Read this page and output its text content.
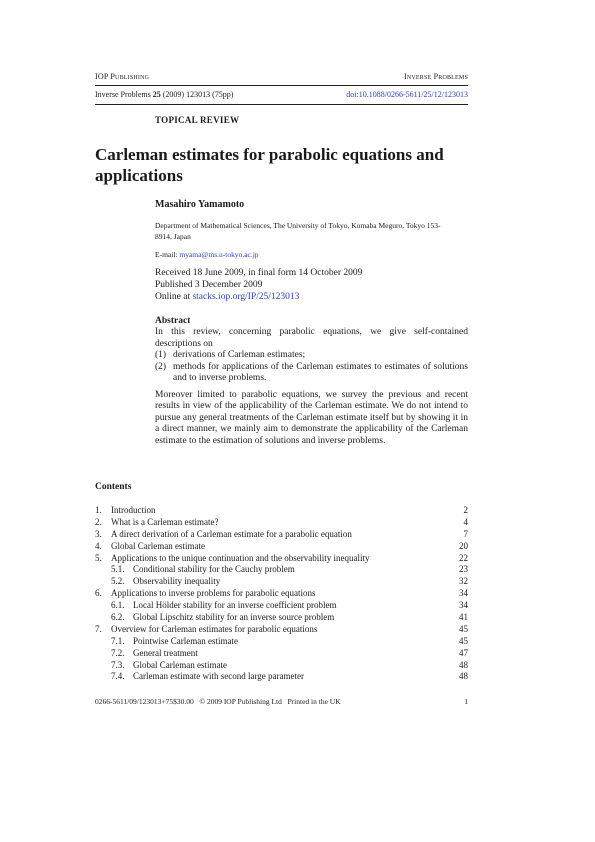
IOP Publishing	Inverse Problems
Inverse Problems 25 (2009) 123013 (75pp)	doi:10.1088/0266-5611/25/12/123013
TOPICAL REVIEW
Carleman estimates for parabolic equations and applications
Masahiro Yamamoto
Department of Mathematical Sciences, The University of Tokyo, Komaba Meguro, Tokyo 153-8914, Japan
E-mail: myama@ms.u-tokyo.ac.jp
Received 18 June 2009, in final form 14 October 2009
Published 3 December 2009
Online at stacks.iop.org/IP/25/123013
Abstract

In this review, concerning parabolic equations, we give self-contained descriptions on

(1) derivations of Carleman estimates;
(2) methods for applications of the Carleman estimates to estimates of solutions and to inverse problems.

Moreover limited to parabolic equations, we survey the previous and recent results in view of the applicability of the Carleman estimate. We do not intend to pursue any general treatments of the Carleman estimate itself but by showing it in a direct manner, we mainly aim to demonstrate the applicability of the Carleman estimate to the estimation of solutions and inverse problems.

Contents
1.	Introduction	2
2.	What is a Carleman estimate?	4
3.	A direct derivation of a Carleman estimate for a parabolic equation	7
4.	Global Carleman estimate	20
5.	Applications to the unique continuation and the observability inequality	22
5.1. Conditional stability for the Cauchy problem	23
5.2. Observability inequality	32
6.	Applications to inverse problems for parabolic equations	34
6.1. Local Hölder stability for an inverse coefficient problem	34
6.2. Global Lipschitz stability for an inverse source problem	41
7.	Overview for Carleman estimates for parabolic equations	45
7.1. Pointwise Carleman estimate	45
7.2. General treatment	47
7.3. Global Carleman estimate	48
7.4. Carleman estimate with second large parameter	48
0266-5611/09/123013+75$30.00   © 2009 IOP Publishing Ltd   Printed in the UK	1
